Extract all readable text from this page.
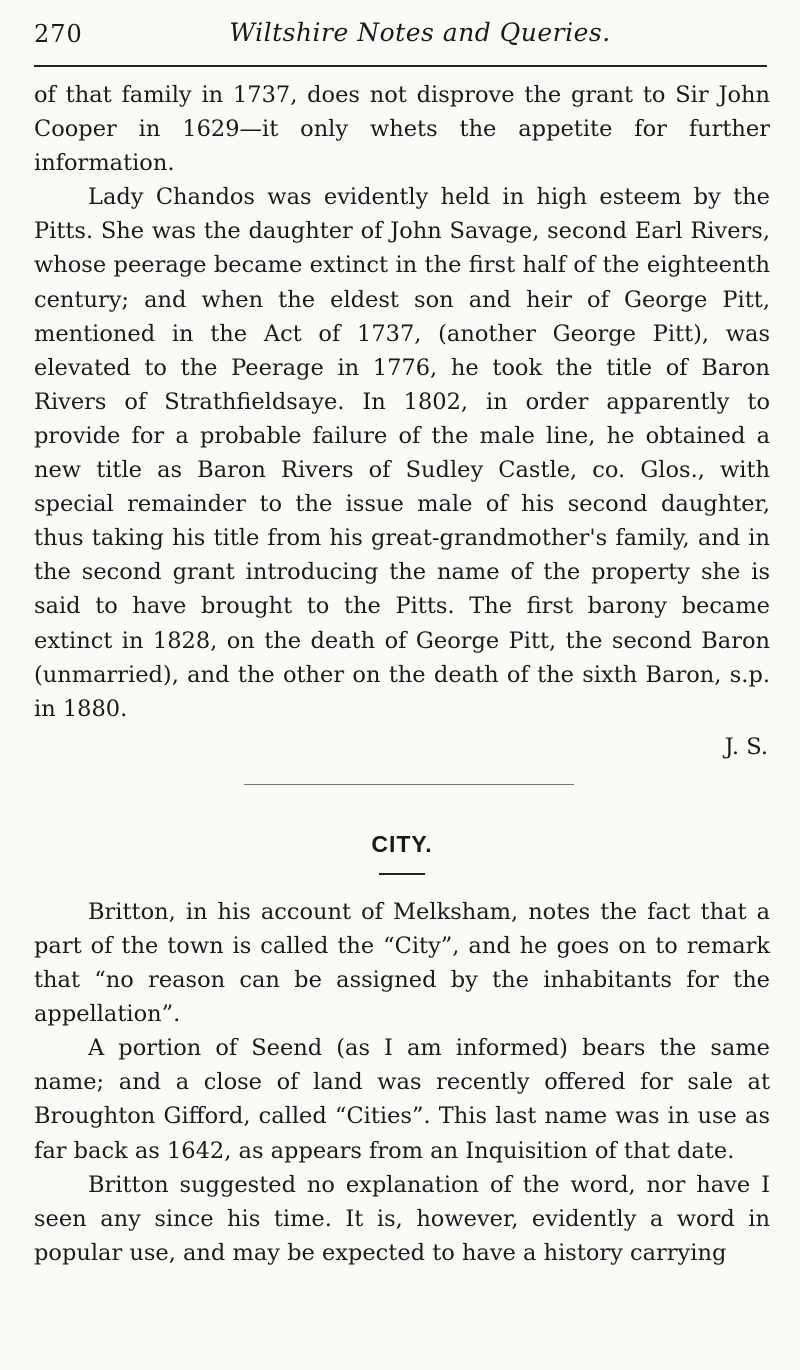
270	Wiltshire Notes and Queries.

of that family in 1737, does not disprove the grant to Sir John Cooper in 1629—it only whets the appetite for further information.

Lady Chandos was evidently held in high esteem by the Pitts. She was the daughter of John Savage, second Earl Rivers, whose peerage became extinct in the first half of the eighteenth century; and when the eldest son and heir of George Pitt, mentioned in the Act of 1737, (another George Pitt), was elevated to the Peerage in 1776, he took the title of Baron Rivers of Strathfieldsaye. In 1802, in order apparently to provide for a probable failure of the male line, he obtained a new title as Baron Rivers of Sudley Castle, co. Glos., with special remainder to the issue male of his second daughter, thus taking his title from his great-grandmother's family, and in the second grant introducing the name of the property she is said to have brought to the Pitts. The first barony became extinct in 1828, on the death of George Pitt, the second Baron (unmarried), and the other on the death of the sixth Baron, s.p. in 1880.

J. S.
CITY.

Britton, in his account of Melksham, notes the fact that a part of the town is called the “City”, and he goes on to remark that “no reason can be assigned by the inhabitants for the appellation”.

A portion of Seend (as I am informed) bears the same name; and a close of land was recently offered for sale at Broughton Gifford, called “Cities”. This last name was in use as far back as 1642, as appears from an Inquisition of that date.

Britton suggested no explanation of the word, nor have I seen any since his time. It is, however, evidently a word in popular use, and may be expected to have a history carrying
